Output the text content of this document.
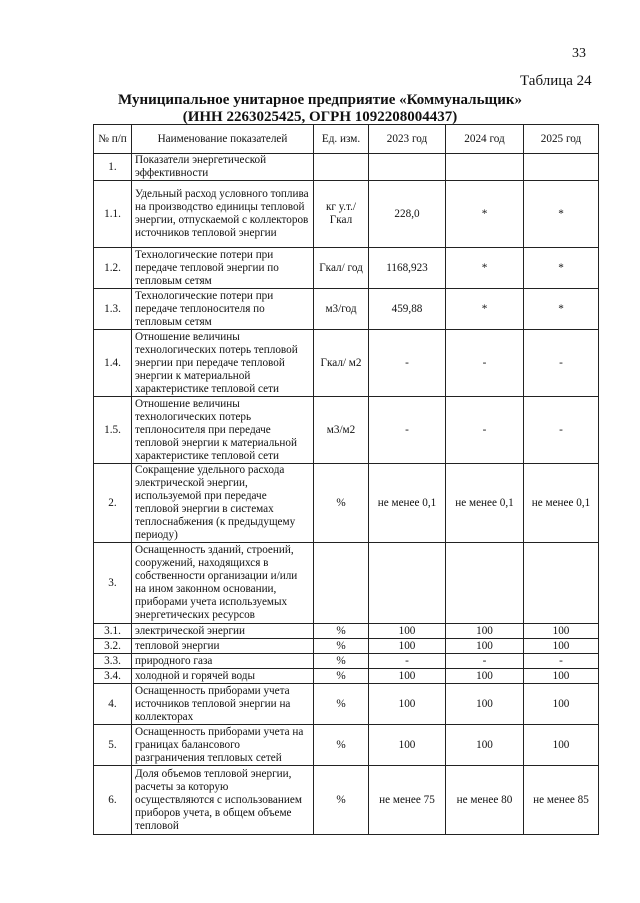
33
Таблица 24
Муниципальное унитарное предприятие «Коммунальщик»
(ИНН 2263025425, ОГРН 1092208004437)
№ п/п	Наименование показателей	Ед. изм.	2023 год	2024 год	2025 год
1.	Показатели энергетической эффективности				
1.1.	Удельный расход условного топлива на производство единицы тепловой энергии, отпускаемой с коллекторов источников тепловой энергии	кг у.т./ Гкал	228,0	*	*
1.2.	Технологические потери при передаче тепловой энергии по тепловым сетям	Гкал/ год	1168,923	*	*
1.3.	Технологические потери при передаче теплоносителя по тепловым сетям	м3/год	459,88	*	*
1.4.	Отношение величины технологических потерь тепловой энергии при передаче тепловой энергии к материальной характеристике тепловой сети	Гкал/ м2	-	-	-
1.5.	Отношение величины технологических потерь теплоносителя при передаче тепловой энергии к материальной характеристике тепловой сети	м3/м2	-	-	-
2.	Сокращение удельного расхода электрической энергии, используемой при передаче тепловой энергии в системах теплоснабжения (к предыдущему периоду)	%	не менее 0,1	не менее 0,1	не менее 0,1
3.	Оснащенность зданий, строений, сооружений, находящихся в собственности организации и/или на ином законном основании, приборами учета используемых энергетических ресурсов				
3.1.	электрической энергии	%	100	100	100
3.2.	тепловой энергии	%	100	100	100
3.3.	природного газа	%	-	-	-
3.4.	холодной и горячей воды	%	100	100	100
4.	Оснащенность приборами учета источников тепловой энергии на коллекторах	%	100	100	100
5.	Оснащенность приборами учета на границах балансового разграничения тепловых сетей	%	100	100	100
6.	Доля объемов тепловой энергии, расчеты за которую осуществляются с использованием приборов учета, в общем объеме тепловой	%	не менее 75	не менее 80	не менее 85
